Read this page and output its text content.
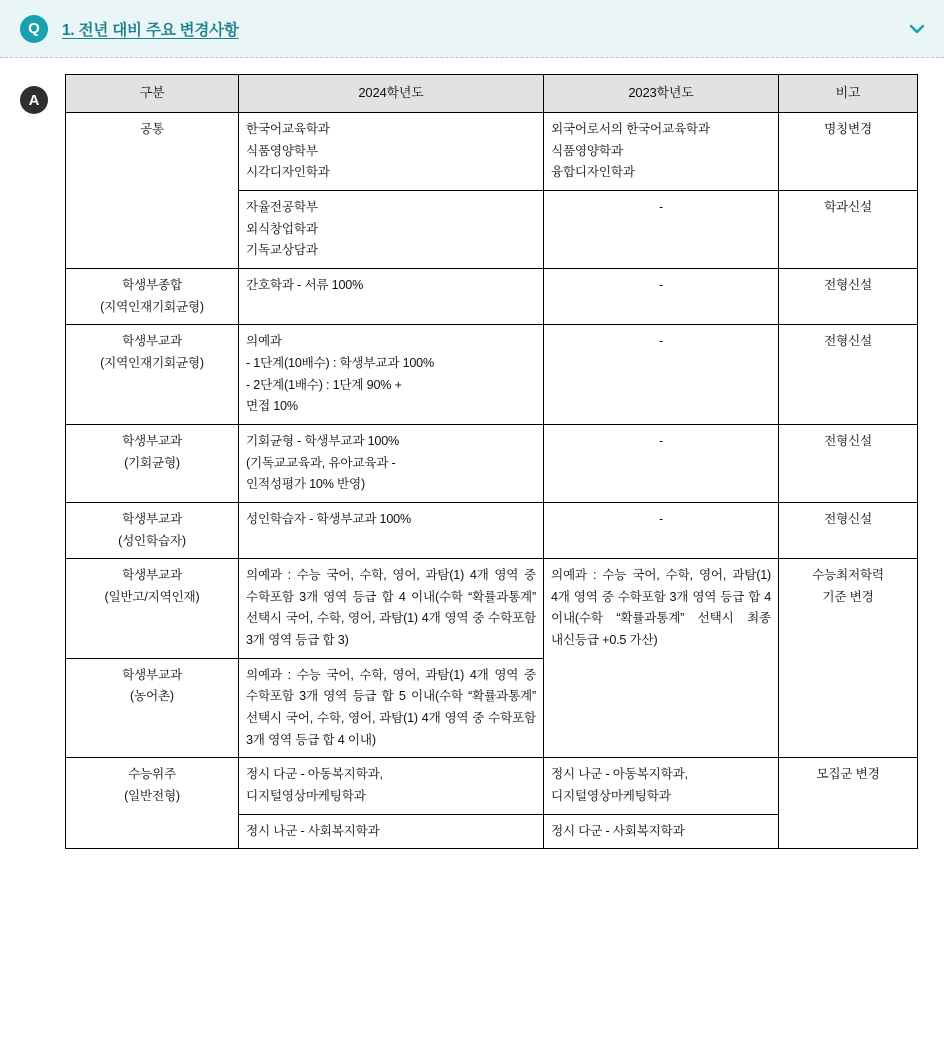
Q	1. 전년 대비 주요 변경사항
A	구분	2024학년도	2023학년도	비고

공통	한국어교육학과
식품영양학부
시각디자인학과	외국어로서의 한국어교육학과
식품영양학과
융합디자인학과	명칭변경

	자율전공학부
외식창업학과
기독교상담과	-	학과신설

학생부종합
(지역인재기회균형)	간호학과 - 서류 100%	-	전형신설

학생부교과
(지역인재기회균형)	의예과
- 1단계(10배수) : 학생부교과 100%
- 2단계(1배수) : 1단계 90% +
면접 10%	-	전형신설

학생부교과
(기회균형)	기회균형 - 학생부교과 100%
(기독교교육과, 유아교육과 -
인적성평가 10% 반영)	-	전형신설

학생부교과
(성인학습자)	성인학습자 - 학생부교과 100%	-	전형신설

학생부교과
(일반고/지역인재)	의예과 : 수능 국어, 수학, 영어, 과탐(1) 4개 영역 중 수학포함 3개 영역 등급 합 4 이내(수학 “확률과통계” 선택시 국어, 수학, 영어, 과탐(1) 4개 영역 중 수학포함 3개 영역 등급 합 3)	의예과 : 수능 국어, 수학, 영어, 과탐(1) 4개 영역 중 수학포함 3개 영역 등급 합 4 이내(수학 “확률과통계” 선택시 최종 내신등급 +0.5 가산)	수능최저학력
기준 변경

학생부교과
(농어촌)	의예과 : 수능 국어, 수학, 영어, 과탐(1) 4개 영역 중 수학포함 3개 영역 등급 합 5 이내(수학 “확률과통계” 선택시 국어, 수학, 영어, 과탐(1) 4개 영역 중 수학포함 3개 영역 등급 합 4 이내)		

수능위주
(일반전형)	정시 다군 - 아동복지학과,
디지털영상마케팅학과	정시 나군 - 아동복지학과,
디지털영상마케팅학과	모집군 변경

	정시 나군 - 사회복지학과	정시 다군 - 사회복지학과	
